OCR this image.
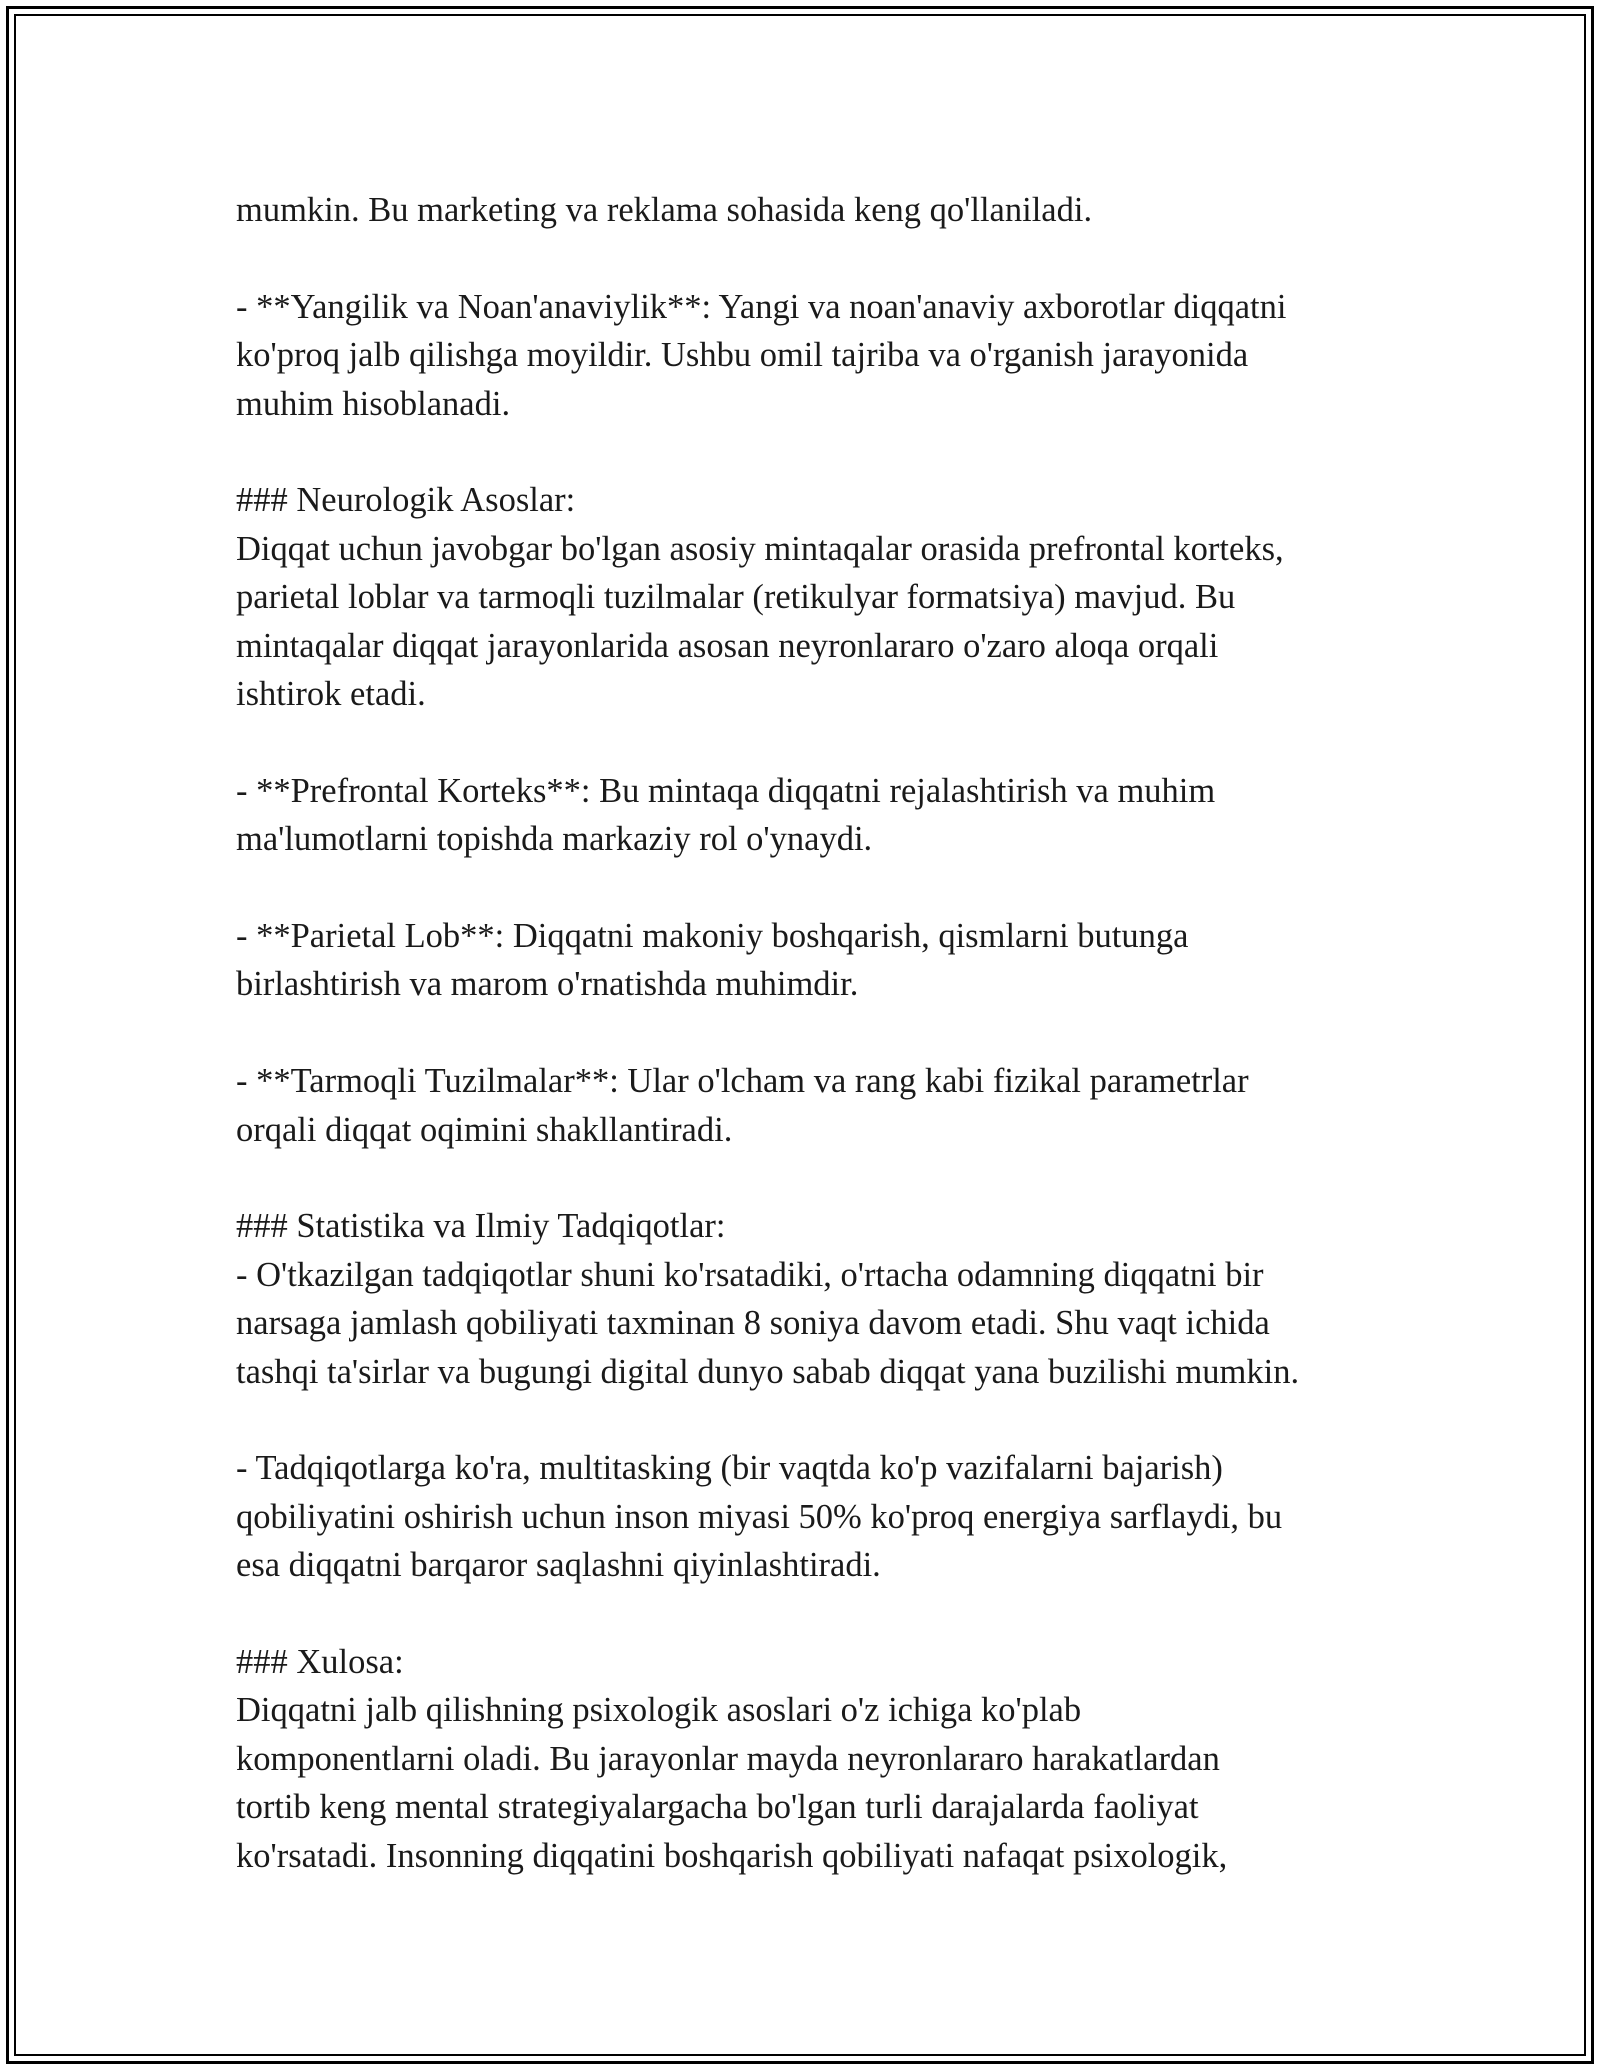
mumkin. Bu marketing va reklama sohasida keng qo'llaniladi.

- **Yangilik va Noan'anaviylik**: Yangi va noan'anaviy axborotlar diqqatni
ko'proq jalb qilishga moyildir. Ushbu omil tajriba va o'rganish jarayonida
muhim hisoblanadi.

### Neurologik Asoslar:
Diqqat uchun javobgar bo'lgan asosiy mintaqalar orasida prefrontal korteks,
parietal loblar va tarmoqli tuzilmalar (retikulyar formatsiya) mavjud. Bu
mintaqalar diqqat jarayonlarida asosan neyronlararo o'zaro aloqa orqali
ishtirok etadi.

- **Prefrontal Korteks**: Bu mintaqa diqqatni rejalashtirish va muhim
ma'lumotlarni topishda markaziy rol o'ynaydi.

- **Parietal Lob**: Diqqatni makoniy boshqarish, qismlarni butunga
birlashtirish va marom o'rnatishda muhimdir.

- **Tarmoqli Tuzilmalar**: Ular o'lcham va rang kabi fizikal parametrlar
orqali diqqat oqimini shakllantiradi.

### Statistika va Ilmiy Tadqiqotlar:
- O'tkazilgan tadqiqotlar shuni ko'rsatadiki, o'rtacha odamning diqqatni bir
narsaga jamlash qobiliyati taxminan 8 soniya davom etadi. Shu vaqt ichida
tashqi ta'sirlar va bugungi digital dunyo sabab diqqat yana buzilishi mumkin.

- Tadqiqotlarga ko'ra, multitasking (bir vaqtda ko'p vazifalarni bajarish)
qobiliyatini oshirish uchun inson miyasi 50% ko'proq energiya sarflaydi, bu
esa diqqatni barqaror saqlashni qiyinlashtiradi.

### Xulosa:
Diqqatni jalb qilishning psixologik asoslari o'z ichiga ko'plab
komponentlarni oladi. Bu jarayonlar mayda neyronlararo harakatlardan
tortib keng mental strategiyalargacha bo'lgan turli darajalarda faoliyat
ko'rsatadi. Insonning diqqatini boshqarish qobiliyati nafaqat psixologik,
